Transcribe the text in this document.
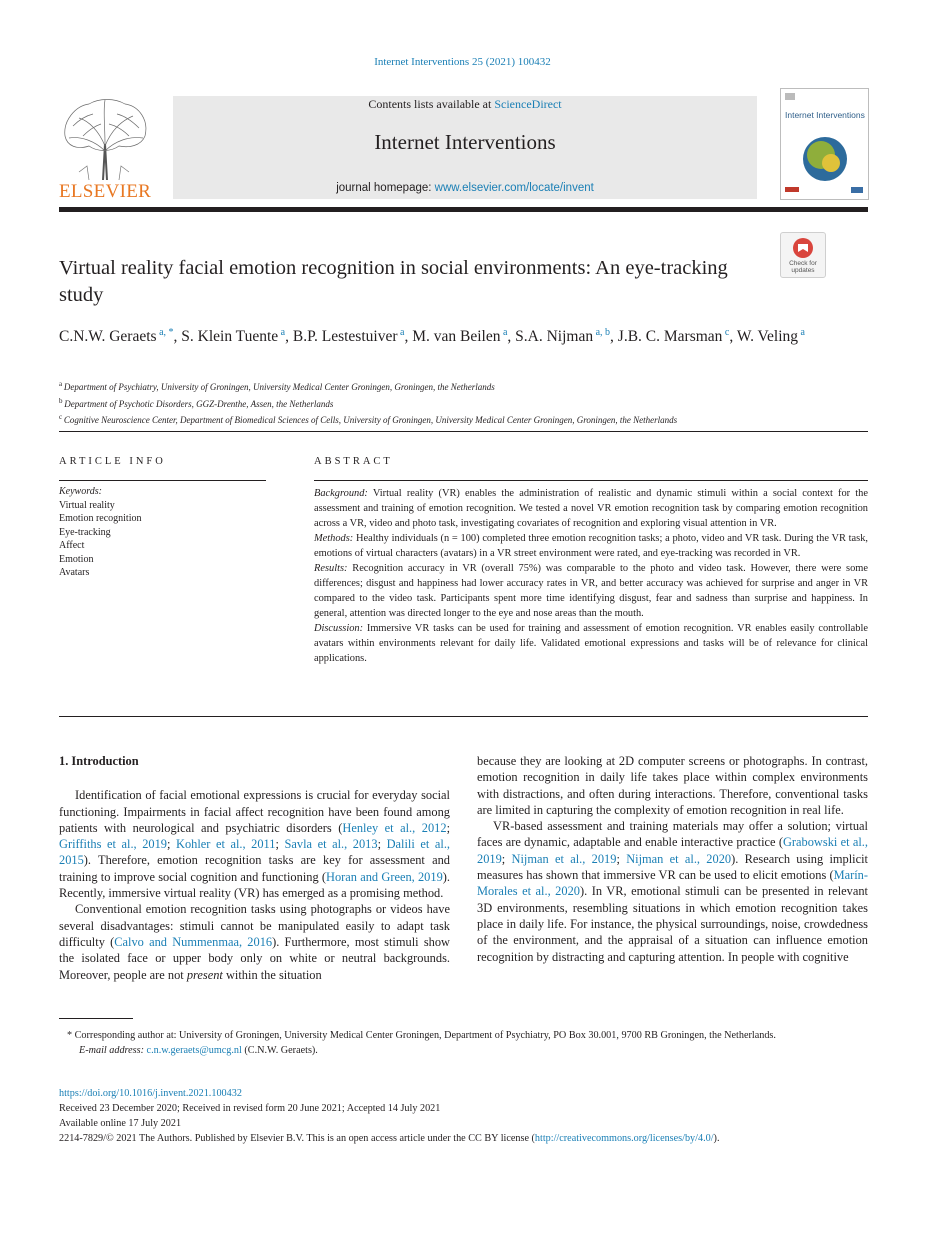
Internet Interventions 25 (2021) 100432
ELSEVIER
Contents lists available at ScienceDirect
Internet Interventions
journal homepage: www.elsevier.com/locate/invent
Internet Interventions
Virtual reality facial emotion recognition in social environments: An eye-tracking study
Check for updates
C.N.W. Geraets $^{a, *}$, S. Klein Tuente $^a$, B.P. Lestestuiver $^a$, M. van Beilen $^a$, S.A. Nijman $^{a, b}$, J.B. C. Marsman $^c$, W. Veling $^a$
$^a$ Department of Psychiatry, University of Groningen, University Medical Center Groningen, Groningen, the Netherlands
$^b$ Department of Psychotic Disorders, GGZ-Drenthe, Assen, the Netherlands
$^c$ Cognitive Neuroscience Center, Department of Biomedical Sciences of Cells, University of Groningen, University Medical Center Groningen, Groningen, the Netherlands
ARTICLE INFO
Keywords:
Virtual reality
Emotion recognition
Eye-tracking
Affect
Emotion
Avatars
ABSTRACT

Background: Virtual reality (VR) enables the administration of realistic and dynamic stimuli within a social context for the assessment and training of emotion recognition. We tested a novel VR emotion recognition task by comparing emotion recognition across a VR, video and photo task, investigating covariates of recognition and exploring visual attention in VR.

Methods: Healthy individuals (n = 100) completed three emotion recognition tasks; a photo, video and VR task. During the VR task, emotions of virtual characters (avatars) in a VR street environment were rated, and eye-tracking was recorded in VR.

Results: Recognition accuracy in VR (overall 75%) was comparable to the photo and video task. However, there were some differences; disgust and happiness had lower accuracy rates in VR, and better accuracy was achieved for surprise and anger in VR compared to the video task. Participants spent more time identifying disgust, fear and sadness than surprise and happiness. In general, attention was directed longer to the eye and nose areas than the mouth.

Discussion: Immersive VR tasks can be used for training and assessment of emotion recognition. VR enables easily controllable avatars within environments relevant for daily life. Validated emotional expressions and tasks will be of relevance for clinical applications.

1. Introduction

Identification of facial emotional expressions is crucial for everyday social functioning. Impairments in facial affect recognition have been found among patients with neurological and psychiatric disorders (Henley et al., 2012; Griffiths et al., 2019; Kohler et al., 2011; Savla et al., 2013; Dalili et al., 2015). Therefore, emotion recognition tasks are key for assessment and training to improve social cognition and functioning (Horan and Green, 2019). Recently, immersive virtual reality (VR) has emerged as a promising method.

Conventional emotion recognition tasks using photographs or videos have several disadvantages: stimuli cannot be manipulated easily to adapt task difficulty (Calvo and Nummenmaa, 2016). Furthermore, most stimuli show the isolated face or upper body only on white or neutral backgrounds. Moreover, people are not present within the situation

because they are looking at 2D computer screens or photographs. In contrast, emotion recognition in daily life takes place within complex environments with distractions, and often during interactions. Therefore, conventional tasks are limited in capturing the complexity of emotion recognition in real life.

VR-based assessment and training materials may offer a solution; virtual faces are dynamic, adaptable and enable interactive practice (Grabowski et al., 2019; Nijman et al., 2019; Nijman et al., 2020). Research using implicit measures has shown that immersive VR can be used to elicit emotions (Marín-Morales et al., 2020). In VR, emotional stimuli can be presented in relevant 3D environments, resembling situations in which emotion recognition takes place in daily life. For instance, the physical surroundings, noise, crowdedness of the environment, and the appraisal of a situation can influence emotion recognition by distracting and capturing attention. In people with cognitive

* Corresponding author at: University of Groningen, University Medical Center Groningen, Department of Psychiatry, PO Box 30.001, 9700 RB Groningen, the Netherlands.
E-mail address: c.n.w.geraets@umcg.nl (C.N.W. Geraets).
https://doi.org/10.1016/j.invent.2021.100432
Received 23 December 2020; Received in revised form 20 June 2021; Accepted 14 July 2021
Available online 17 July 2021
2214-7829/© 2021 The Authors. Published by Elsevier B.V. This is an open access article under the CC BY license (http://creativecommons.org/licenses/by/4.0/).
